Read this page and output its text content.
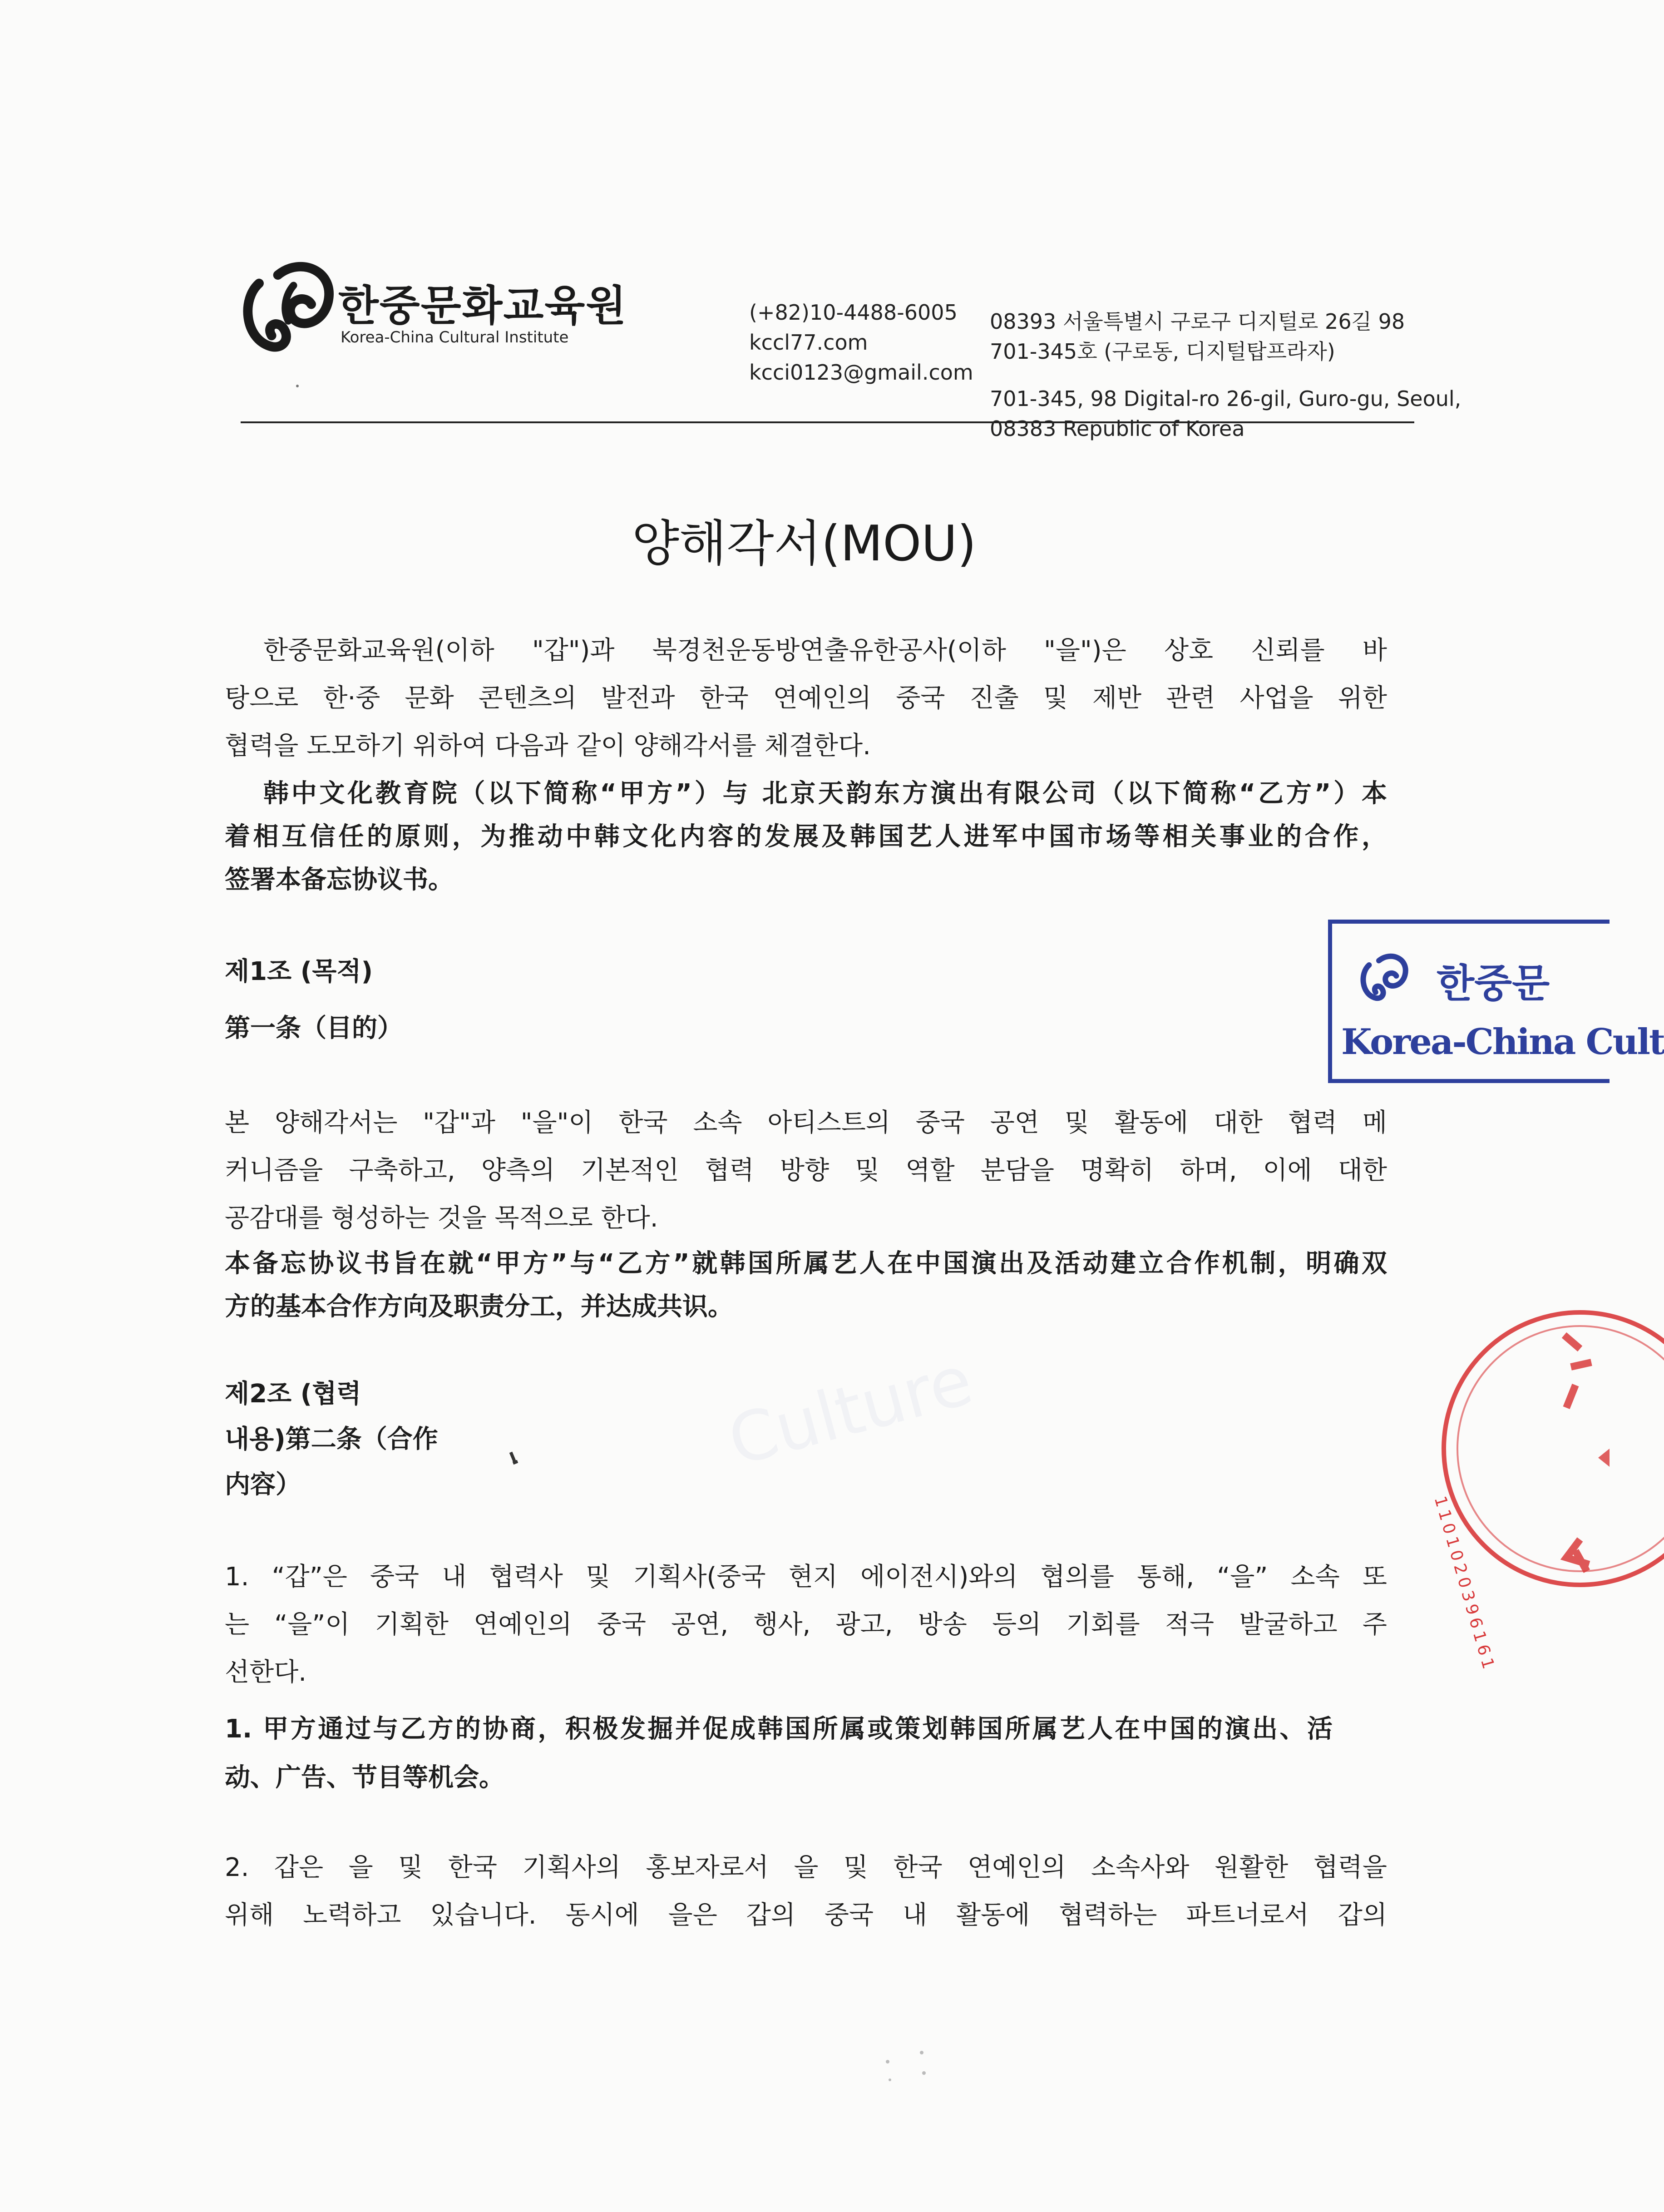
Culture
한중문화교육원
Korea-China Cultural Institute
(+82)10-4488-6005
kccl77.com
kcci0123@gmail.com
08393 서울특별시 구로구 디지털로 26길 98
701-345호 (구로동, 디지털탑프라자)
701-345, 98 Digital-ro 26-gil, Guro-gu, Seoul,
08383 Republic of Korea
양해각서(MOU)
한중문화교육원(이하 "갑")과 북경천운동방연출유한공사(이하 "을")은 상호 신뢰를 바
탕으로 한·중 문화 콘텐츠의 발전과 한국 연예인의 중국 진출 및 제반 관련 사업을 위한
협력을 도모하기 위하여 다음과 같이 양해각서를 체결한다.
韩中文化教育院（以下简称“甲方”）与 北京天韵东方演出有限公司（以下简称“乙方”）本
着相互信任的原则，为推动中韩文化内容的发展及韩国艺人进军中国市场等相关事业的合作，
签署本备忘协议书。
제1조 (목적)
第一条（目的）
본 양해각서는 "갑"과 "을"이 한국 소속 아티스트의 중국 공연 및 활동에 대한 협력 메
커니즘을 구축하고, 양측의 기본적인 협력 방향 및 역할 분담을 명확히 하며, 이에 대한
공감대를 형성하는 것을 목적으로 한다.
本备忘协议书旨在就“甲方”与“乙方”就韩国所属艺人在中国演出及活动建立合作机制，明确双
方的基本合作方向及职责分工，并达成共识。
제2조 (협력
내용)第二条（合作
内容）
1. “갑”은 중국 내 협력사 및 기획사(중국 현지 에이전시)와의 협의를 통해, “을” 소속 또
는 “을”이 기획한 연예인의 중국 공연, 행사, 광고, 방송 등의 기회를 적극 발굴하고 주
선한다.
1. 甲方通过与乙方的协商，积极发掘并促成韩国所属或策划韩国所属艺人在中国的演出、活
动、广告、节目等机会。
2. 갑은 을 및 한국 기획사의 홍보자로서 을 및 한국 연예인의 소속사와 원활한 협력을
위해 노력하고 있습니다. 동시에 을은 갑의 중국 내 활동에 협력하는 파트너로서 갑의
한중문
Korea-China Cult
1101020396161
